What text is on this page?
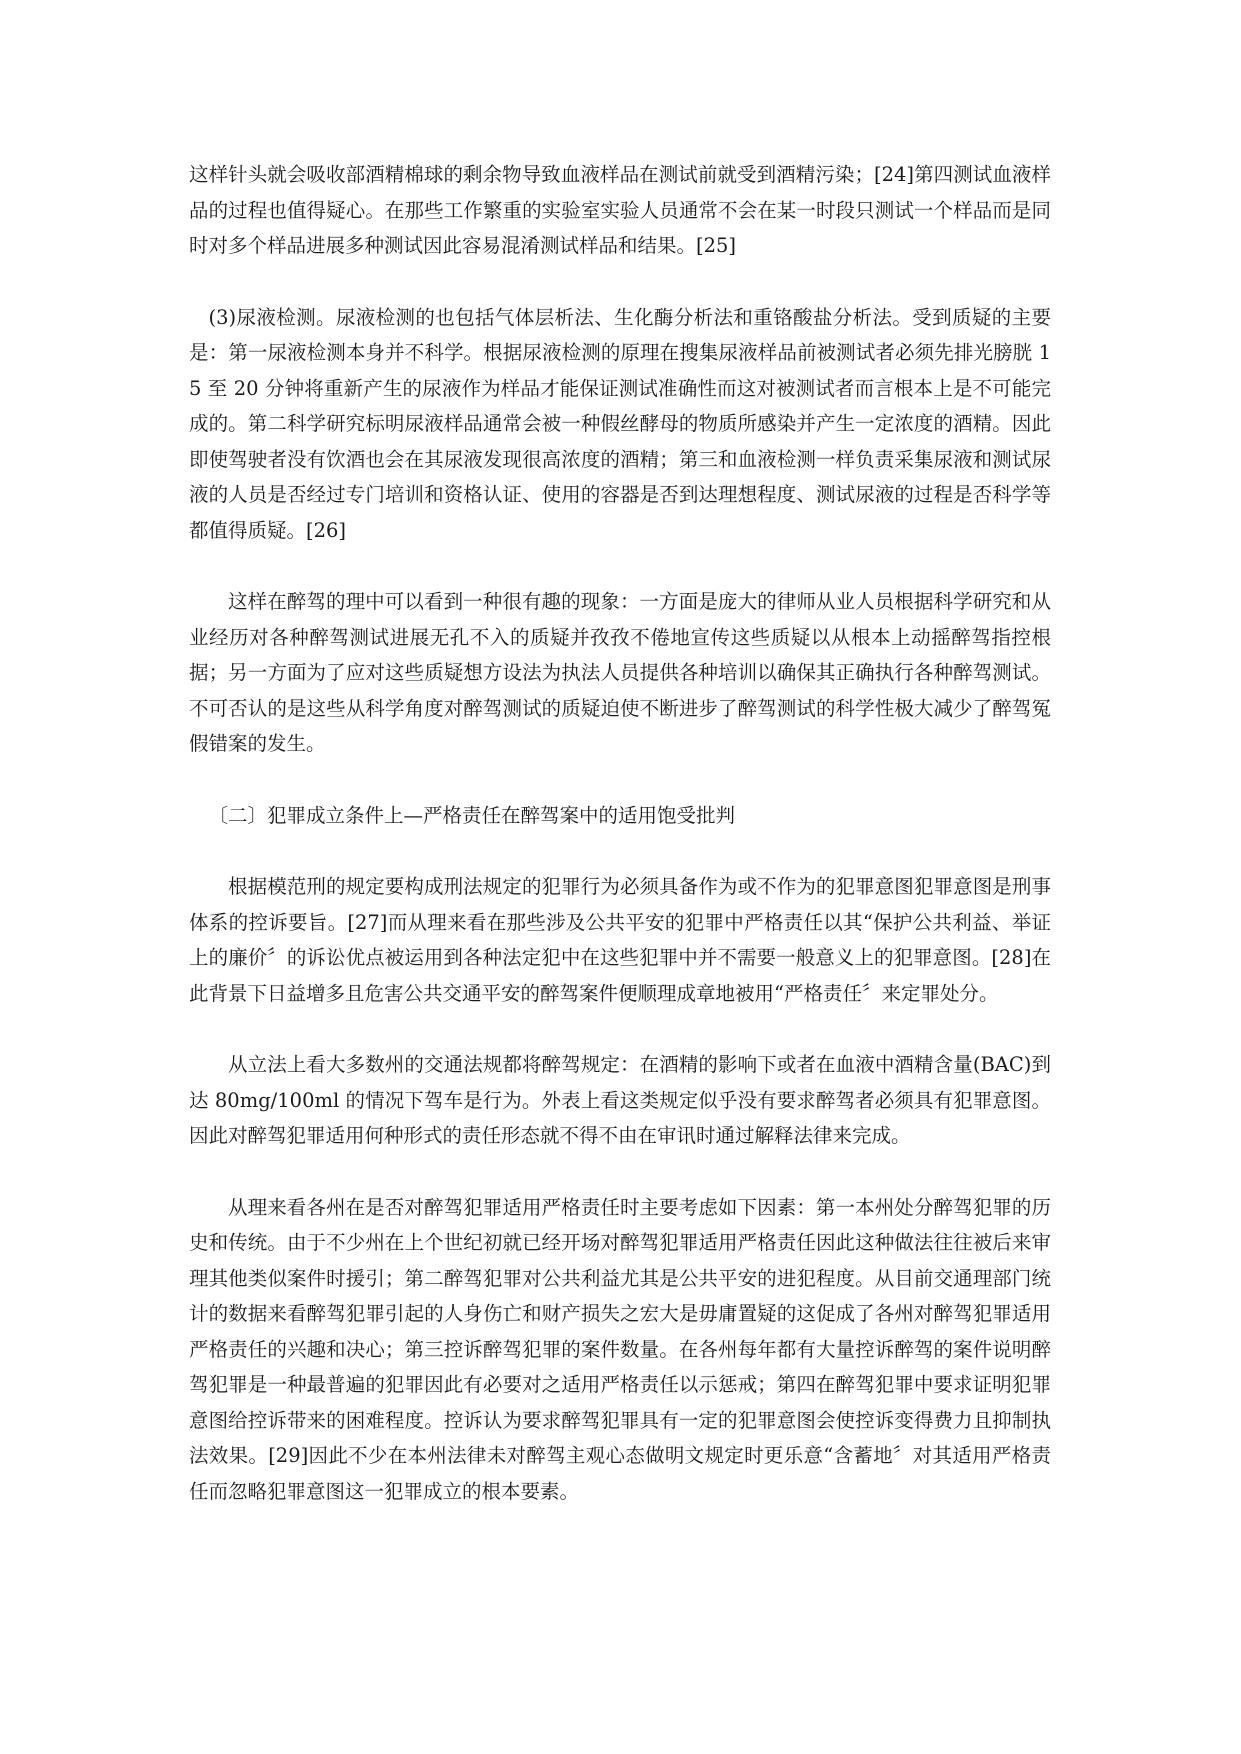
这样针头就会吸收部酒精棉球的剩余物导致血液样品在测试前就受到酒精污染；[24]第四测试血液样品的过程也值得疑心。在那些工作繁重的实验室实验人员通常不会在某一时段只测试一个样品而是同时对多个样品进展多种测试因此容易混淆测试样品和结果。[25]

(3)尿液检测。尿液检测的也包括气体层析法、生化酶分析法和重铬酸盐分析法。受到质疑的主要是：第一尿液检测本身并不科学。根据尿液检测的原理在搜集尿液样品前被测试者必须先排光膀胱 15 至 20 分钟将重新产生的尿液作为样品才能保证测试准确性而这对被测试者而言根本上是不可能完成的。第二科学研究标明尿液样品通常会被一种假丝酵母的物质所感染并产生一定浓度的酒精。因此即使驾驶者没有饮酒也会在其尿液发现很高浓度的酒精；第三和血液检测一样负责采集尿液和测试尿液的人员是否经过专门培训和资格认证、使用的容器是否到达理想程度、测试尿液的过程是否科学等都值得质疑。[26]

这样在醉驾的理中可以看到一种很有趣的现象：一方面是庞大的律师从业人员根据科学研究和从业经历对各种醉驾测试进展无孔不入的质疑并孜孜不倦地宣传这些质疑以从根本上动摇醉驾指控根据；另一方面为了应对这些质疑想方设法为执法人员提供各种培训以确保其正确执行各种醉驾测试。不可否认的是这些从科学角度对醉驾测试的质疑迫使不断进步了醉驾测试的科学性极大减少了醉驾冤假错案的发生。

〔二〕犯罪成立条件上—严格责任在醉驾案中的适用饱受批判

根据模范刑的规定要构成刑法规定的犯罪行为必须具备作为或不作为的犯罪意图犯罪意图是刑事体系的控诉要旨。[27]而从理来看在那些涉及公共平安的犯罪中严格责任以其“保护公共利益、举证上的廉价〞的诉讼优点被运用到各种法定犯中在这些犯罪中并不需要一般意义上的犯罪意图。[28]在此背景下日益增多且危害公共交通平安的醉驾案件便顺理成章地被用“严格责任〞来定罪处分。

从立法上看大多数州的交通法规都将醉驾规定：在酒精的影响下或者在血液中酒精含量(BAC)到达 80mg/100ml 的情况下驾车是行为。外表上看这类规定似乎没有要求醉驾者必须具有犯罪意图。因此对醉驾犯罪适用何种形式的责任形态就不得不由在审讯时通过解释法律来完成。

从理来看各州在是否对醉驾犯罪适用严格责任时主要考虑如下因素：第一本州处分醉驾犯罪的历史和传统。由于不少州在上个世纪初就已经开场对醉驾犯罪适用严格责任因此这种做法往往被后来审理其他类似案件时援引；第二醉驾犯罪对公共利益尤其是公共平安的进犯程度。从目前交通理部门统计的数据来看醉驾犯罪引起的人身伤亡和财产损失之宏大是毋庸置疑的这促成了各州对醉驾犯罪适用严格责任的兴趣和决心；第三控诉醉驾犯罪的案件数量。在各州每年都有大量控诉醉驾的案件说明醉驾犯罪是一种最普遍的犯罪因此有必要对之适用严格责任以示惩戒；第四在醉驾犯罪中要求证明犯罪意图给控诉带来的困难程度。控诉认为要求醉驾犯罪具有一定的犯罪意图会使控诉变得费力且抑制执法效果。[29]因此不少在本州法律未对醉驾主观心态做明文规定时更乐意“含蓄地〞对其适用严格责任而忽略犯罪意图这一犯罪成立的根本要素。
